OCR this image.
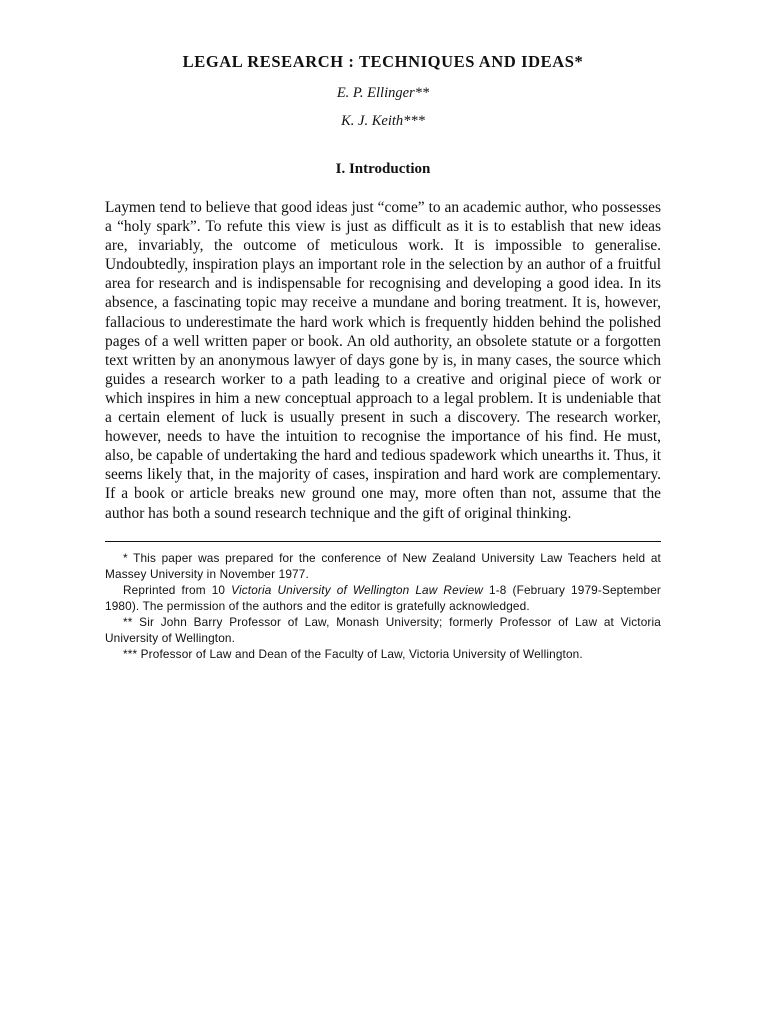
LEGAL RESEARCH : TECHNIQUES AND IDEAS*
E. P. Ellinger**
K. J. Keith***
I. Introduction

Laymen tend to believe that good ideas just “come” to an academic author, who possesses a “holy spark”. To refute this view is just as difficult as it is to establish that new ideas are, invariably, the outcome of meticulous work. It is impossible to generalise. Undoubtedly, inspiration plays an important role in the selection by an author of a fruitful area for research and is indispensable for recognising and developing a good idea. In its absence, a fascinating topic may receive a mundane and boring treatment. It is, however, fallacious to underestimate the hard work which is frequently hidden behind the polished pages of a well written paper or book. An old authority, an obsolete statute or a forgotten text written by an anonymous lawyer of days gone by is, in many cases, the source which guides a research worker to a path leading to a creative and original piece of work or which inspires in him a new conceptual approach to a legal problem. It is undeniable that a certain element of luck is usually present in such a discovery. The research worker, however, needs to have the intuition to recognise the importance of his find. He must, also, be capable of undertaking the hard and tedious spadework which unearths it. Thus, it seems likely that, in the majority of cases, inspiration and hard work are complementary. If a book or article breaks new ground one may, more often than not, assume that the author has both a sound research technique and the gift of original thinking.

* This paper was prepared for the conference of New Zealand University Law Teachers held at Massey University in November 1977.

Reprinted from 10 Victoria University of Wellington Law Review 1-8 (February 1979-September 1980). The permission of the authors and the editor is gratefully acknowledged.

** Sir John Barry Professor of Law, Monash University; formerly Professor of Law at Victoria University of Wellington.

*** Professor of Law and Dean of the Faculty of Law, Victoria University of Wellington.
